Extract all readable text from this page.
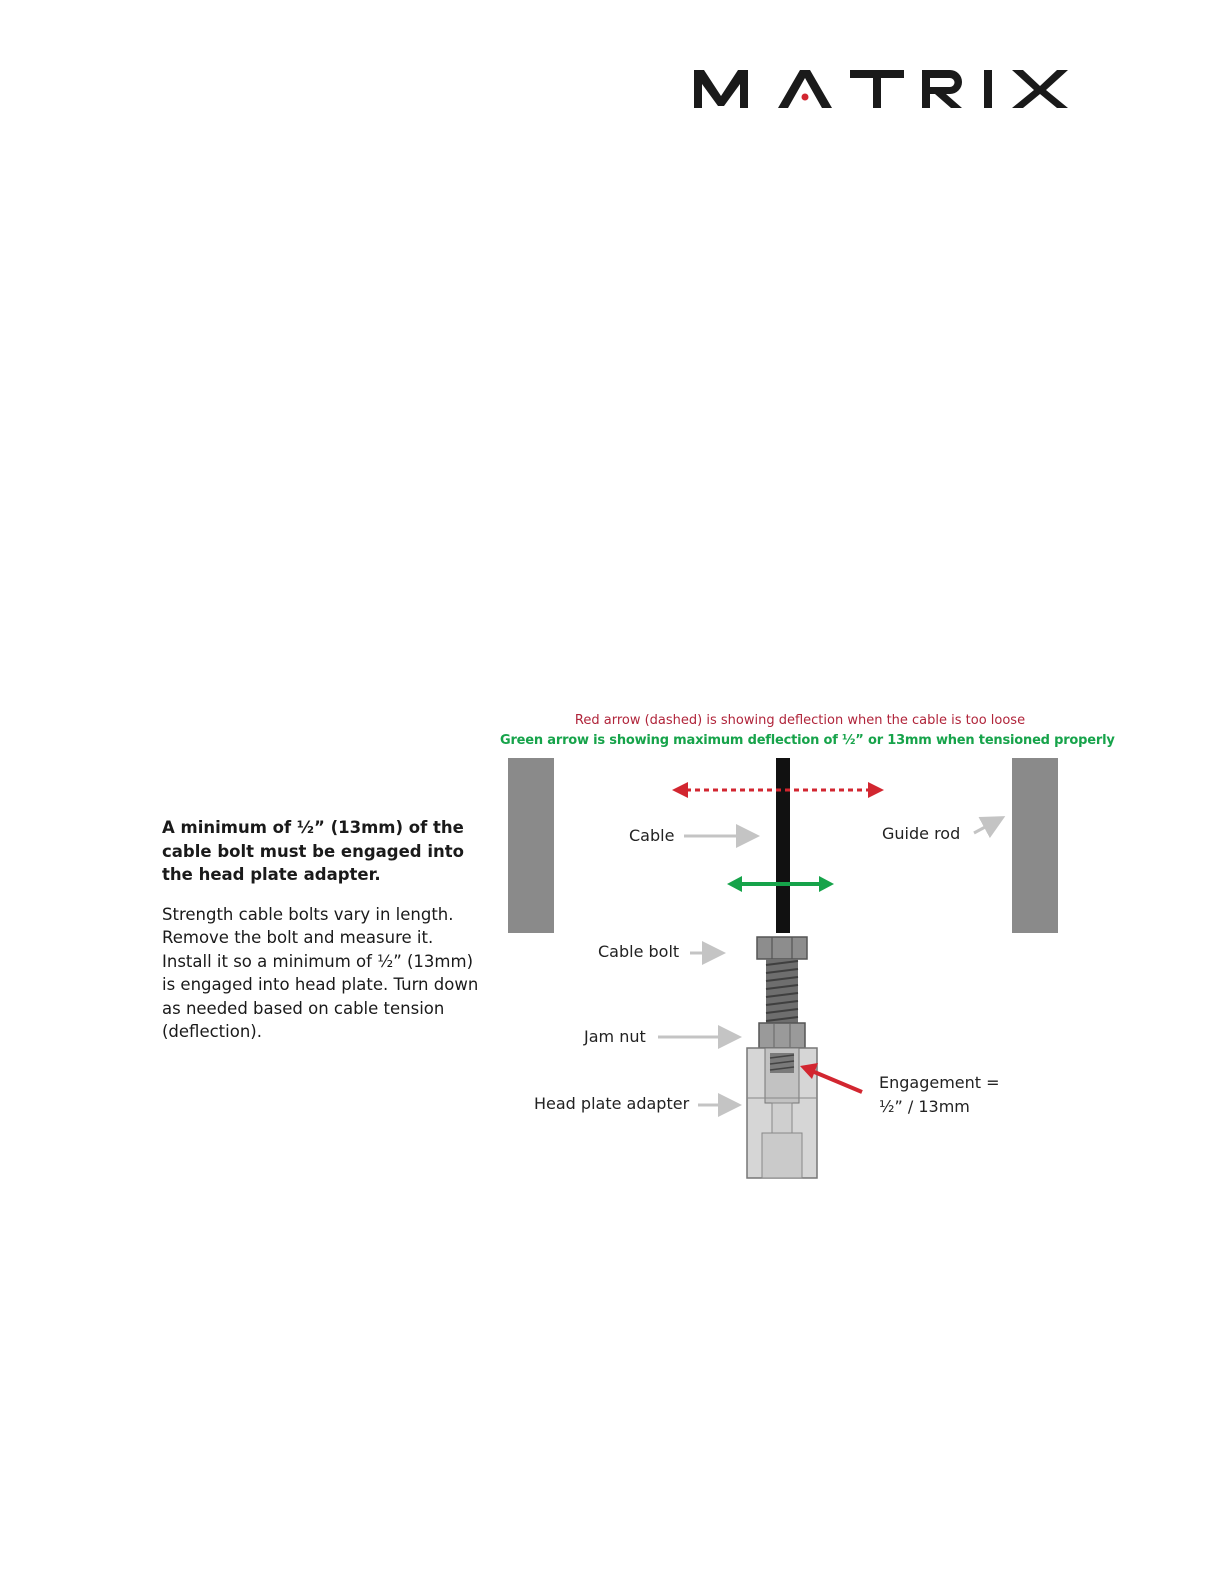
MATRIX

A minimum of ½” (13mm) of the cable bolt must be engaged into the head plate adapter.

Strength cable bolts vary in length. Remove the bolt and measure it. Install it so a minimum of ½” (13mm) is engaged into head plate. Turn down as needed based on cable tension (deflection).

Red arrow (dashed) is showing deflection when the cable is too loose
Green arrow is showing maximum deflection of ½” or 13mm when tensioned properly
Cable	Guide rod
Cable bolt
Jam nut
Head plate adapter
Engagement =
½” / 13mm
